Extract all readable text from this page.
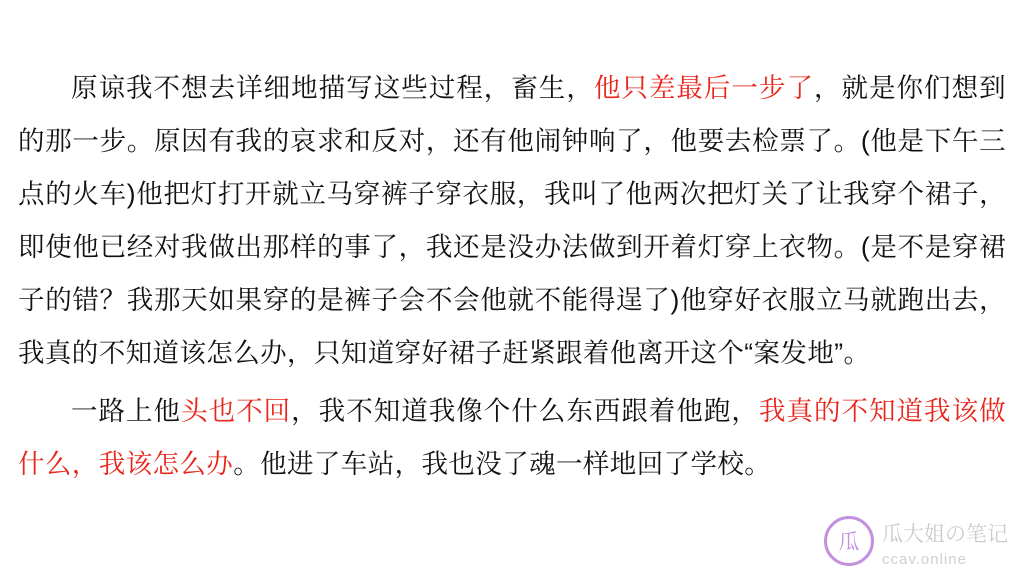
原谅我不想去详细地描写这些过程，畜生，他只差最后一步了，就是你们想到的那一步。原因有我的哀求和反对，还有他闹钟响了，他要去检票了。(他是下午三点的火车)他把灯打开就立马穿裤子穿衣服，我叫了他两次把灯关了让我穿个裙子，即使他已经对我做出那样的事了，我还是没办法做到开着灯穿上衣物。(是不是穿裙子的错？我那天如果穿的是裤子会不会他就不能得逞了)他穿好衣服立马就跑出去，我真的不知道该怎么办，只知道穿好裙子赶紧跟着他离开这个“案发地”。

一路上他头也不回，我不知道我像个什么东西跟着他跑，我真的不知道我该做什么，我该怎么办。他进了车站，我也没了魂一样地回了学校。

瓜	瓜大姐の笔记
ccav.online
